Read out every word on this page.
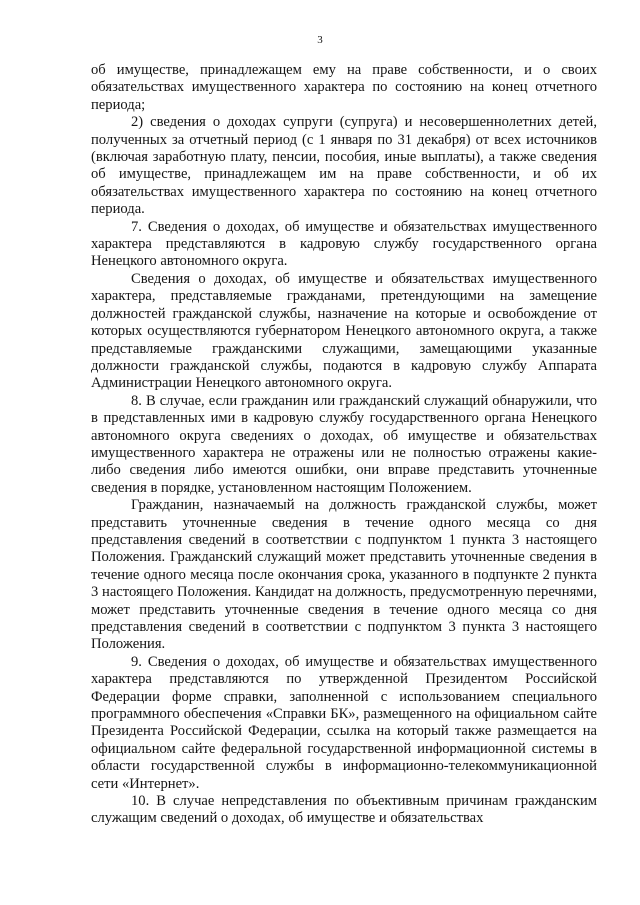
3

об имуществе, принадлежащем ему на праве собственности, и о своих обязательствах имущественного характера по состоянию на конец отчетного периода;

2) сведения о доходах супруги (супруга) и несовершеннолетних детей, полученных за отчетный период (с 1 января по 31 декабря) от всех источников (включая заработную плату, пенсии, пособия, иные выплаты), а также сведения об имуществе, принадлежащем им на праве собственности, и об их обязательствах имущественного характера по состоянию на конец отчетного периода.

7. Сведения о доходах, об имуществе и обязательствах имущественного характера представляются в кадровую службу государственного органа Ненецкого автономного округа.

Сведения о доходах, об имуществе и обязательствах имущественного характера, представляемые гражданами, претендующими на замещение должностей гражданской службы, назначение на которые и освобождение от которых осуществляются губернатором Ненецкого автономного округа, а также представляемые гражданскими служащими, замещающими указанные должности гражданской службы, подаются в кадровую службу Аппарата Администрации Ненецкого автономного округа.

8. В случае, если гражданин или гражданский служащий обнаружили, что в представленных ими в кадровую службу государственного органа Ненецкого автономного округа сведениях о доходах, об имуществе и обязательствах имущественного характера не отражены или не полностью отражены какие-либо сведения либо имеются ошибки, они вправе представить уточненные сведения в порядке, установленном настоящим Положением.

Гражданин, назначаемый на должность гражданской службы, может представить уточненные сведения в течение одного месяца со дня представления сведений в соответствии с подпунктом 1 пункта 3 настоящего Положения. Гражданский служащий может представить уточненные сведения в течение одного месяца после окончания срока, указанного в подпункте 2 пункта 3 настоящего Положения. Кандидат на должность, предусмотренную перечнями, может представить уточненные сведения в течение одного месяца со дня представления сведений в соответствии с подпунктом 3 пункта 3 настоящего Положения.

9. Сведения о доходах, об имуществе и обязательствах имущественного характера представляются по утвержденной Президентом Российской Федерации форме справки, заполненной с использованием специального программного обеспечения «Справки БК», размещенного на официальном сайте Президента Российской Федерации, ссылка на который также размещается на официальном сайте федеральной государственной информационной системы в области государственной службы в информационно-телекоммуникационной сети «Интернет».

10. В случае непредставления по объективным причинам гражданским служащим сведений о доходах, об имуществе и обязательствах
